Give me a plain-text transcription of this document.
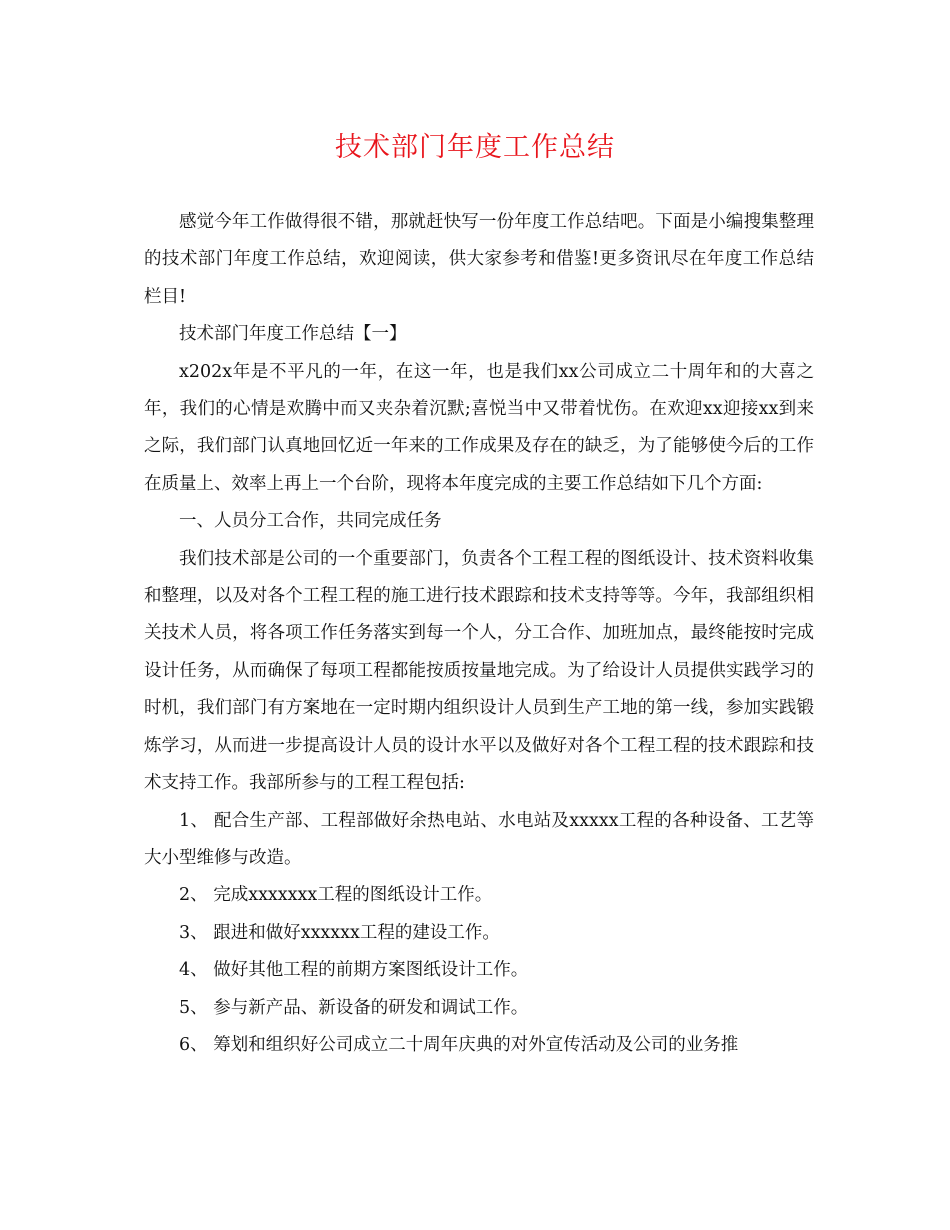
技术部门年度工作总结

感觉今年工作做得很不错，那就赶快写一份年度工作总结吧。下面是小编搜集整理的技术部门年度工作总结，欢迎阅读，供大家参考和借鉴!更多资讯尽在年度工作总结栏目!

技术部门年度工作总结【一】

x202x年是不平凡的一年，在这一年，也是我们xx公司成立二十周年和的大喜之年，我们的心情是欢腾中而又夹杂着沉默;喜悦当中又带着忧伤。在欢迎xx迎接xx到来之际，我们部门认真地回忆近一年来的工作成果及存在的缺乏，为了能够使今后的工作在质量上、效率上再上一个台阶，现将本年度完成的主要工作总结如下几个方面:

一、人员分工合作，共同完成任务

我们技术部是公司的一个重要部门，负责各个工程工程的图纸设计、技术资料收集和整理，以及对各个工程工程的施工进行技术跟踪和技术支持等等。今年，我部组织相关技术人员，将各项工作任务落实到每一个人，分工合作、加班加点，最终能按时完成设计任务，从而确保了每项工程都能按质按量地完成。为了给设计人员提供实践学习的时机，我们部门有方案地在一定时期内组织设计人员到生产工地的第一线，参加实践锻炼学习，从而进一步提高设计人员的设计水平以及做好对各个工程工程的技术跟踪和技术支持工作。我部所参与的工程工程包括:

1、 配合生产部、工程部做好余热电站、水电站及xxxxx工程的各种设备、工艺等大小型维修与改造。

2、 完成xxxxxxx工程的图纸设计工作。

3、 跟进和做好xxxxxx工程的建设工作。

4、 做好其他工程的前期方案图纸设计工作。

5、 参与新产品、新设备的研发和调试工作。

6、 筹划和组织好公司成立二十周年庆典的对外宣传活动及公司的业务推
